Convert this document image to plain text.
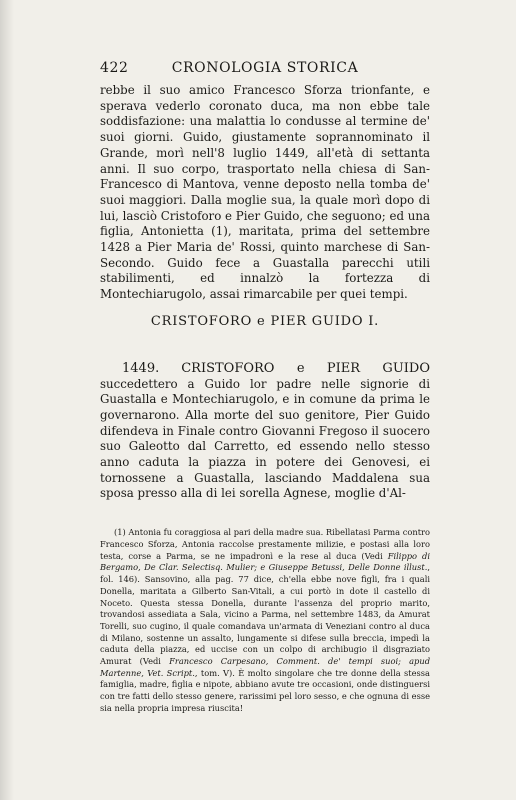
422	CRONOLOGIA STORICA

rebbe il suo amico Francesco Sforza trionfante, e sperava vederlo coronato duca, ma non ebbe tale soddisfazione: una malattia lo condusse al termine de' suoi giorni. Guido, giustamente soprannominato il Grande, morì nell'8 luglio 1449, all'età di settanta anni. Il suo corpo, trasportato nella chiesa di San-Francesco di Mantova, venne deposto nella tomba de' suoi maggiori. Dalla moglie sua, la quale morì dopo di lui, lasciò Cristoforo e Pier Guido, che seguono; ed una figlia, Antonietta (1), maritata, prima del settembre 1428 a Pier Maria de' Rossi, quinto marchese di San-Secondo. Guido fece a Guastalla parecchi utili stabilimenti, ed innalzò la fortezza di Montechiarugolo, assai rimarcabile per quei tempi.

CRISTOFORO e PIER GUIDO I.

1449. CRISTOFORO e PIER GUIDO succedettero a Guido lor padre nelle signorie di Guastalla e Montechiarugolo, e in comune da prima le governarono. Alla morte del suo genitore, Pier Guido difendeva in Finale contro Giovanni Fregoso il suocero suo Galeotto dal Carretto, ed essendo nello stesso anno caduta la piazza in potere dei Genovesi, ei tornossene a Guastalla, lasciando Maddalena sua sposa presso alla di lei sorella Agnese, moglie d'Al-

(1) Antonia fu coraggiosa al pari della madre sua. Ribellatasi Parma contro Francesco Sforza, Antonia raccolse prestamente milizie, e postasi alla loro testa, corse a Parma, se ne impadronì e la rese al duca (Vedi Filippo di Bergamo, De Clar. Selectisq. Mulier; e Giuseppe Betussi, Delle Donne illust., fol. 146). Sansovino, alla pag. 77 dice, ch'ella ebbe nove figli, fra i quali Donella, maritata a Gilberto San-Vitali, a cui portò in dote il castello di Noceto. Questa stessa Donella, durante l'assenza del proprio marito, trovandosi assediata a Sala, vicino a Parma, nel settembre 1483, da Amurat Torelli, suo cugino, il quale comandava un'armata di Veneziani contro al duca di Milano, sostenne un assalto, lungamente si difese sulla breccia, impedì la caduta della piazza, ed uccise con un colpo di archibugio il disgraziato Amurat (Vedi Francesco Carpesano, Comment. de' tempi suoi; apud Martenne, Vet. Script., tom. V). È molto singolare che tre donne della stessa famiglia, madre, figlia e nipote, abbiano avute tre occasioni, onde distinguersi con tre fatti dello stesso genere, rarissimi pel loro sesso, e che ognuna di esse sia nella propria impresa riuscita!
